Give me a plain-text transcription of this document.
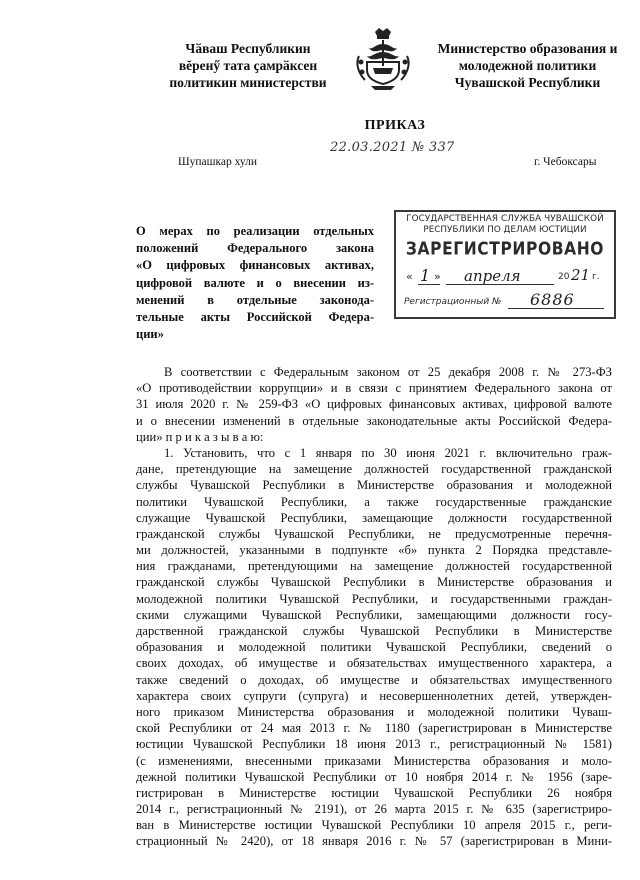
Чӑваш Республикин
вĕренӳ тата ҫамрӑксен
политикин министерстви
Министерство образования и
молодежной политики
Чувашской Республики
ПРИКАЗ
22.03.2021 № 337
Шупашкар хули	г. Чебоксары
О мерах по реализации отдельных
положений Федерального закона
«О цифровых финансовых активах,
цифровой валюте и о внесении из-
менений в отдельные законода-
тельные акты Российской Федера-
ции»
ГОСУДАРСТВЕННАЯ СЛУЖБА ЧУВАШСКОЙ
РЕСПУБЛИКИ ПО ДЕЛАМ ЮСТИЦИИ
ЗАРЕГИСТРИРОВАНО
« 1 » апреля	20 21 г.
Регистрационный № 6886
В соответствии с Федеральным законом от 25 декабря 2008 г. № 273-ФЗ
«О противодействии коррупции» и в связи с принятием Федерального закона от
31 июля 2020 г. № 259-ФЗ «О цифровых финансовых активах, цифровой валюте
и о внесении изменений в отдельные законодательные акты Российской Федера-
ции» п р и к а з ы в а ю:
1. Установить, что с 1 января по 30 июня 2021 г. включительно граж-
дане, претендующие на замещение должностей государственной гражданской
службы Чувашской Республики в Министерстве образования и молодежной
политики Чувашской Республики, а также государственные гражданские
служащие Чувашской Республики, замещающие должности государственной
гражданской службы Чувашской Республики, не предусмотренные перечня-
ми должностей, указанными в подпункте «б» пункта 2 Порядка представле-
ния гражданами, претендующими на замещение должностей государственной
гражданской службы Чувашской Республики в Министерстве образования и
молодежной политики Чувашской Республики, и государственными граждан-
скими служащими Чувашской Республики, замещающими должности госу-
дарственной гражданской службы Чувашской Республики в Министерстве
образования и молодежной политики Чувашской Республики, сведений о
своих доходах, об имуществе и обязательствах имущественного характера, а
также сведений о доходах, об имуществе и обязательствах имущественного
характера своих супруги (супруга) и несовершеннолетних детей, утвержден-
ного приказом Министерства образования и молодежной политики Чуваш-
ской Республики от 24 мая 2013 г. № 1180 (зарегистрирован в Министерстве
юстиции Чувашской Республики 18 июня 2013 г., регистрационный № 1581)
(с изменениями, внесенными приказами Министерства образования и моло-
дежной политики Чувашской Республики от 10 ноября 2014 г. № 1956 (заре-
гистрирован в Министерстве юстиции Чувашской Республики 26 ноября
2014 г., регистрационный № 2191), от 26 марта 2015 г. № 635 (зарегистриро-
ван в Министерстве юстиции Чувашской Республики 10 апреля 2015 г., реги-
страционный № 2420), от 18 января 2016 г. № 57 (зарегистрирован в Мини-
